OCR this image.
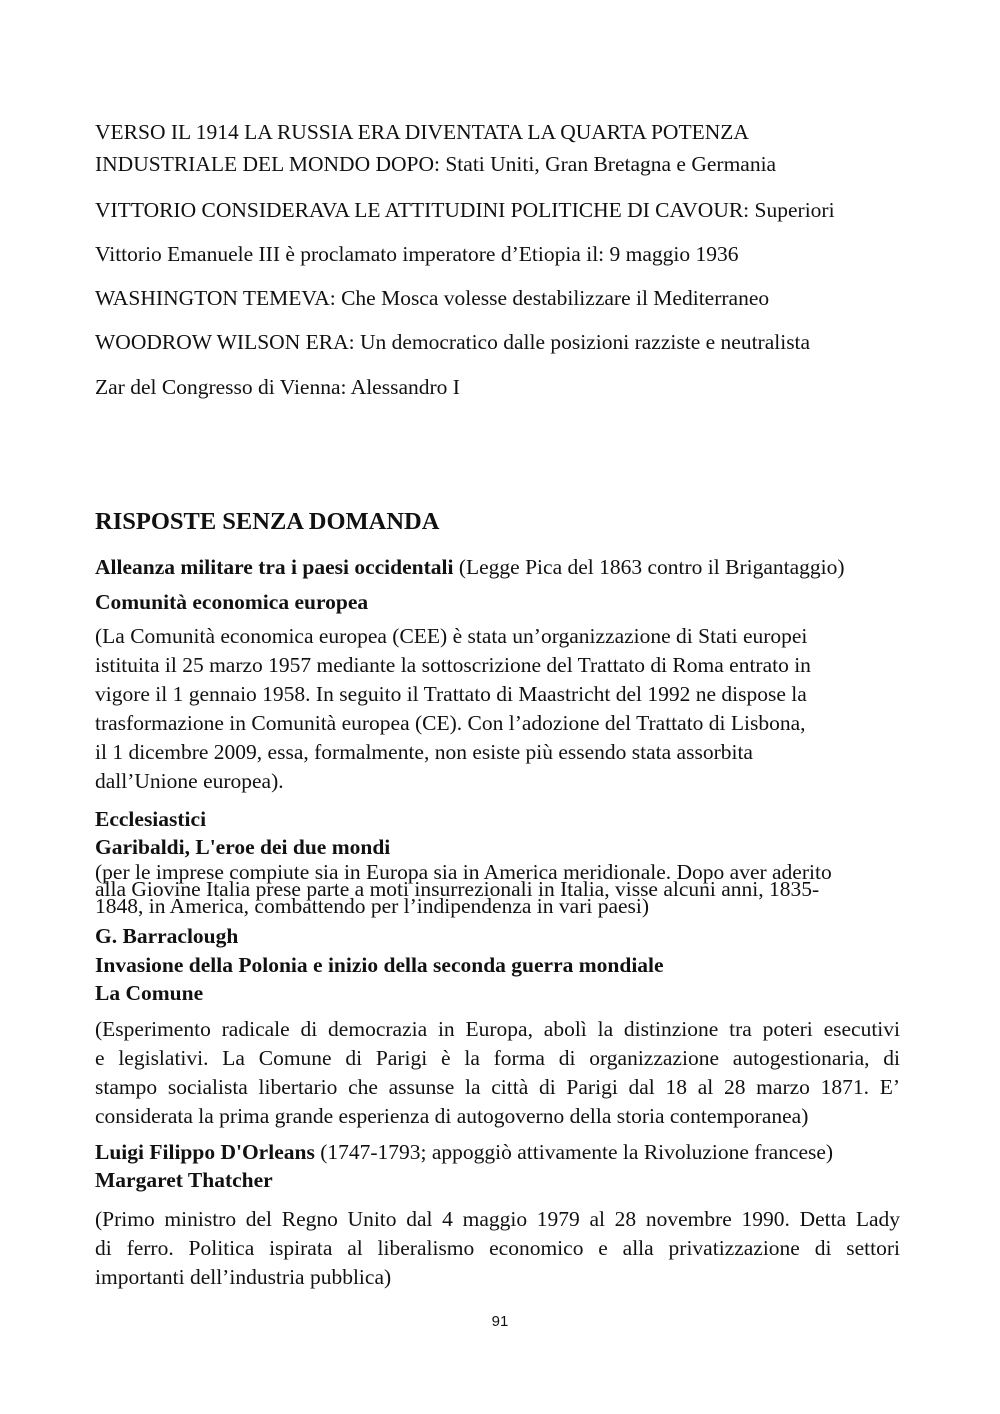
VERSO IL 1914 LA RUSSIA ERA DIVENTATA LA QUARTA POTENZA
INDUSTRIALE DEL MONDO DOPO: Stati Uniti, Gran Bretagna e Germania
VITTORIO CONSIDERAVA LE ATTITUDINI POLITICHE DI CAVOUR: Superiori
Vittorio Emanuele III è proclamato imperatore d’Etiopia il: 9 maggio 1936
WASHINGTON TEMEVA: Che Mosca volesse destabilizzare il Mediterraneo
WOODROW WILSON ERA: Un democratico dalle posizioni razziste e neutralista
Zar del Congresso di Vienna: Alessandro I
RISPOSTE SENZA DOMANDA
Alleanza militare tra i paesi occidentali (Legge Pica del 1863 contro il Brigantaggio)
Comunità economica europea
(La Comunità economica europea (CEE) è stata un’organizzazione di Stati europei
istituita il 25 marzo 1957 mediante la sottoscrizione del Trattato di Roma entrato in
vigore il 1 gennaio 1958. In seguito il Trattato di Maastricht del 1992 ne dispose la
trasformazione in Comunità europea (CE). Con l’adozione del Trattato di Lisbona,
il 1 dicembre 2009, essa, formalmente, non esiste più essendo stata assorbita
dall’Unione europea).
Ecclesiastici
Garibaldi, L'eroe dei due mondi
(per le imprese compiute sia in Europa sia in America meridionale. Dopo aver aderito
alla Giovine Italia prese parte a moti insurrezionali in Italia, visse alcuni anni, 1835-
1848, in America, combattendo per l’indipendenza in vari paesi)
G. Barraclough
Invasione della Polonia e inizio della seconda guerra mondiale
La Comune
(Esperimento radicale di democrazia in Europa, abolì la distinzione tra poteri esecutivi
e legislativi. La Comune di Parigi è la forma di organizzazione autogestionaria, di
stampo socialista libertario che assunse la città di Parigi dal 18 al 28 marzo 1871. E’
considerata la prima grande esperienza di autogoverno della storia contemporanea)
Luigi Filippo D'Orleans (1747-1793; appoggiò attivamente la Rivoluzione francese)
Margaret Thatcher
(Primo ministro del Regno Unito dal 4 maggio 1979 al 28 novembre 1990. Detta Lady
di ferro. Politica ispirata al liberalismo economico e alla privatizzazione di settori
importanti dell’industria pubblica)
91
